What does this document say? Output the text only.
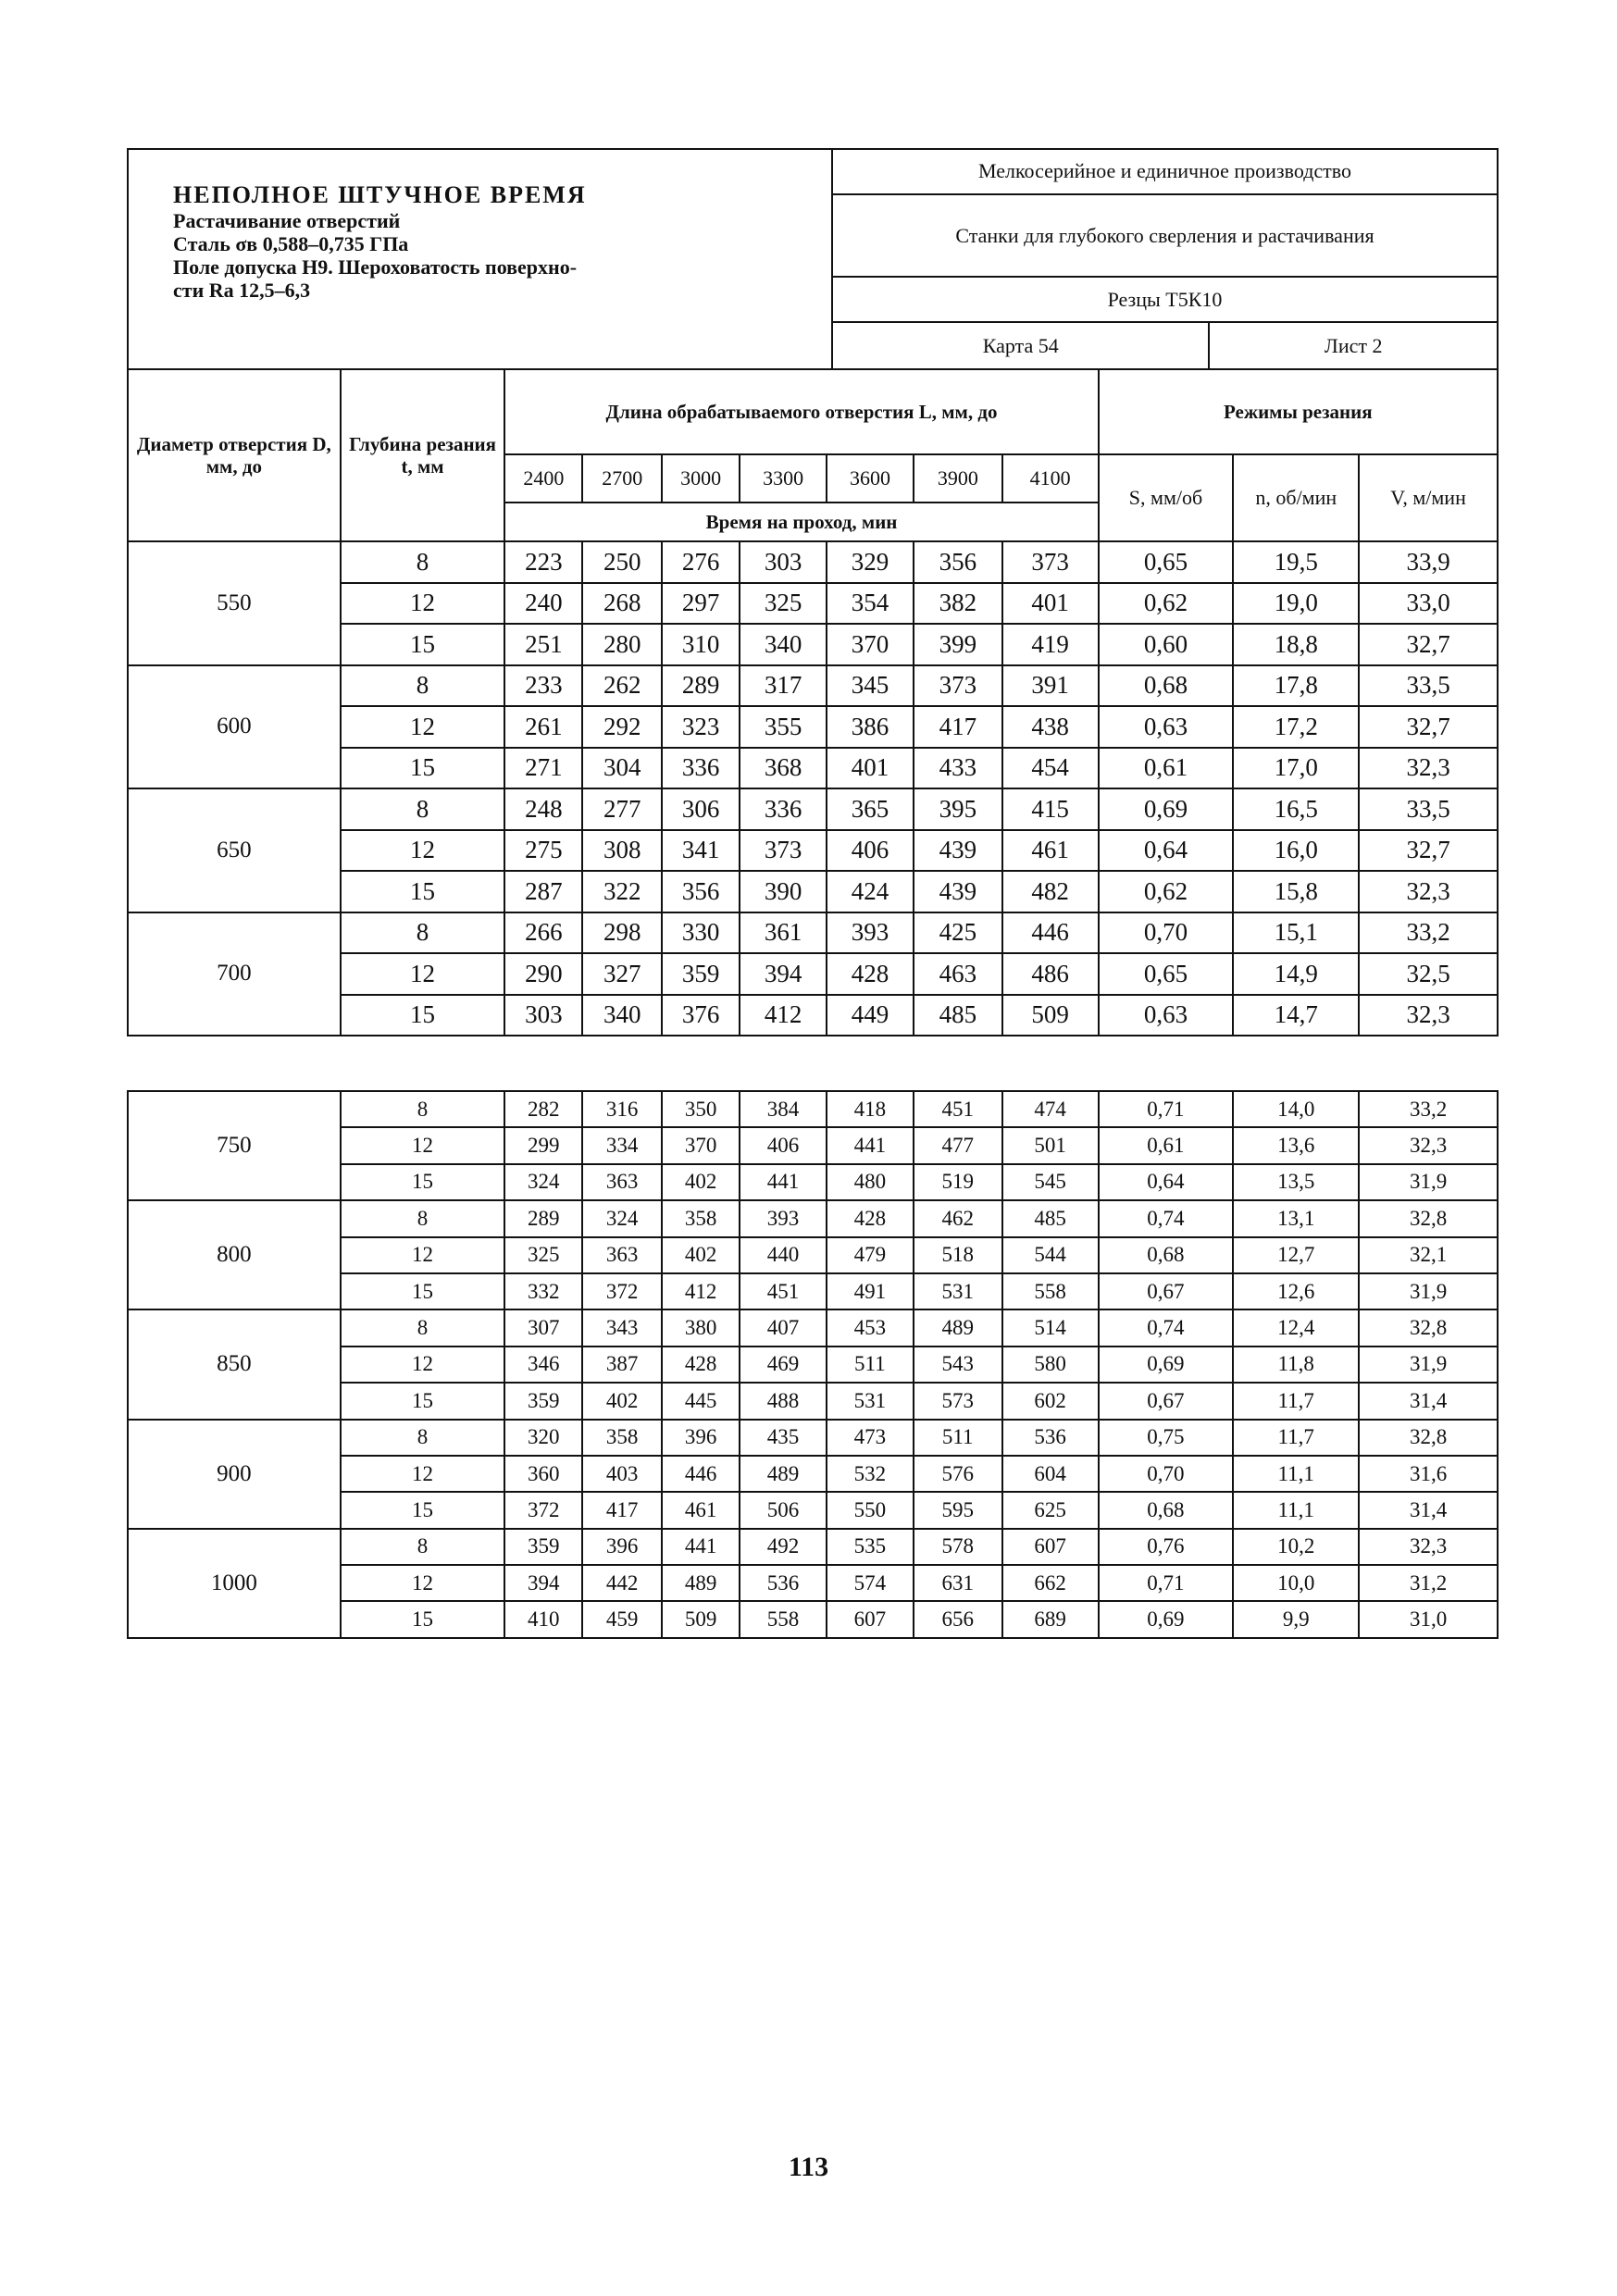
НЕПОЛНОЕ ШТУЧНОЕ ВРЕМЯ
Растачивание отверстий
Сталь σв 0,588–0,735 ГПа
Поле допуска Н9. Шероховатость поверхно-
сти Ra 12,5–6,3	Мелкосерийное и единичное производство	
	Станки для глубокого сверления и растачивания	
	Резцы Т5К10	
	Карта 54	Лист 2
Диаметр отверстия D, мм, до	Глубина резания t, мм	Длина обрабатываемого отверстия L, мм, до							Режимы резания		
		2400	2700	3000	3300	3600	3900	4100	S, мм/об	n, об/мин	V, м/мин
		Время на проход, мин									
550	8	223	250	276	303	329	356	373	0,65	19,5	33,9
	12	240	268	297	325	354	382	401	0,62	19,0	33,0
	15	251	280	310	340	370	399	419	0,60	18,8	32,7
600	8	233	262	289	317	345	373	391	0,68	17,8	33,5
	12	261	292	323	355	386	417	438	0,63	17,2	32,7
	15	271	304	336	368	401	433	454	0,61	17,0	32,3
650	8	248	277	306	336	365	395	415	0,69	16,5	33,5
	12	275	308	341	373	406	439	461	0,64	16,0	32,7
	15	287	322	356	390	424	439	482	0,62	15,8	32,3
700	8	266	298	330	361	393	425	446	0,70	15,1	33,2
	12	290	327	359	394	428	463	486	0,65	14,9	32,5
	15	303	340	376	412	449	485	509	0,63	14,7	32,3
750	8	282	316	350	384	418	451	474	0,71	14,0	33,2
	12	299	334	370	406	441	477	501	0,61	13,6	32,3
	15	324	363	402	441	480	519	545	0,64	13,5	31,9
800	8	289	324	358	393	428	462	485	0,74	13,1	32,8
	12	325	363	402	440	479	518	544	0,68	12,7	32,1
	15	332	372	412	451	491	531	558	0,67	12,6	31,9
850	8	307	343	380	407	453	489	514	0,74	12,4	32,8
	12	346	387	428	469	511	543	580	0,69	11,8	31,9
	15	359	402	445	488	531	573	602	0,67	11,7	31,4
900	8	320	358	396	435	473	511	536	0,75	11,7	32,8
	12	360	403	446	489	532	576	604	0,70	11,1	31,6
	15	372	417	461	506	550	595	625	0,68	11,1	31,4
1000	8	359	396	441	492	535	578	607	0,76	10,2	32,3
	12	394	442	489	536	574	631	662	0,71	10,0	31,2
	15	410	459	509	558	607	656	689	0,69	9,9	31,0
113
